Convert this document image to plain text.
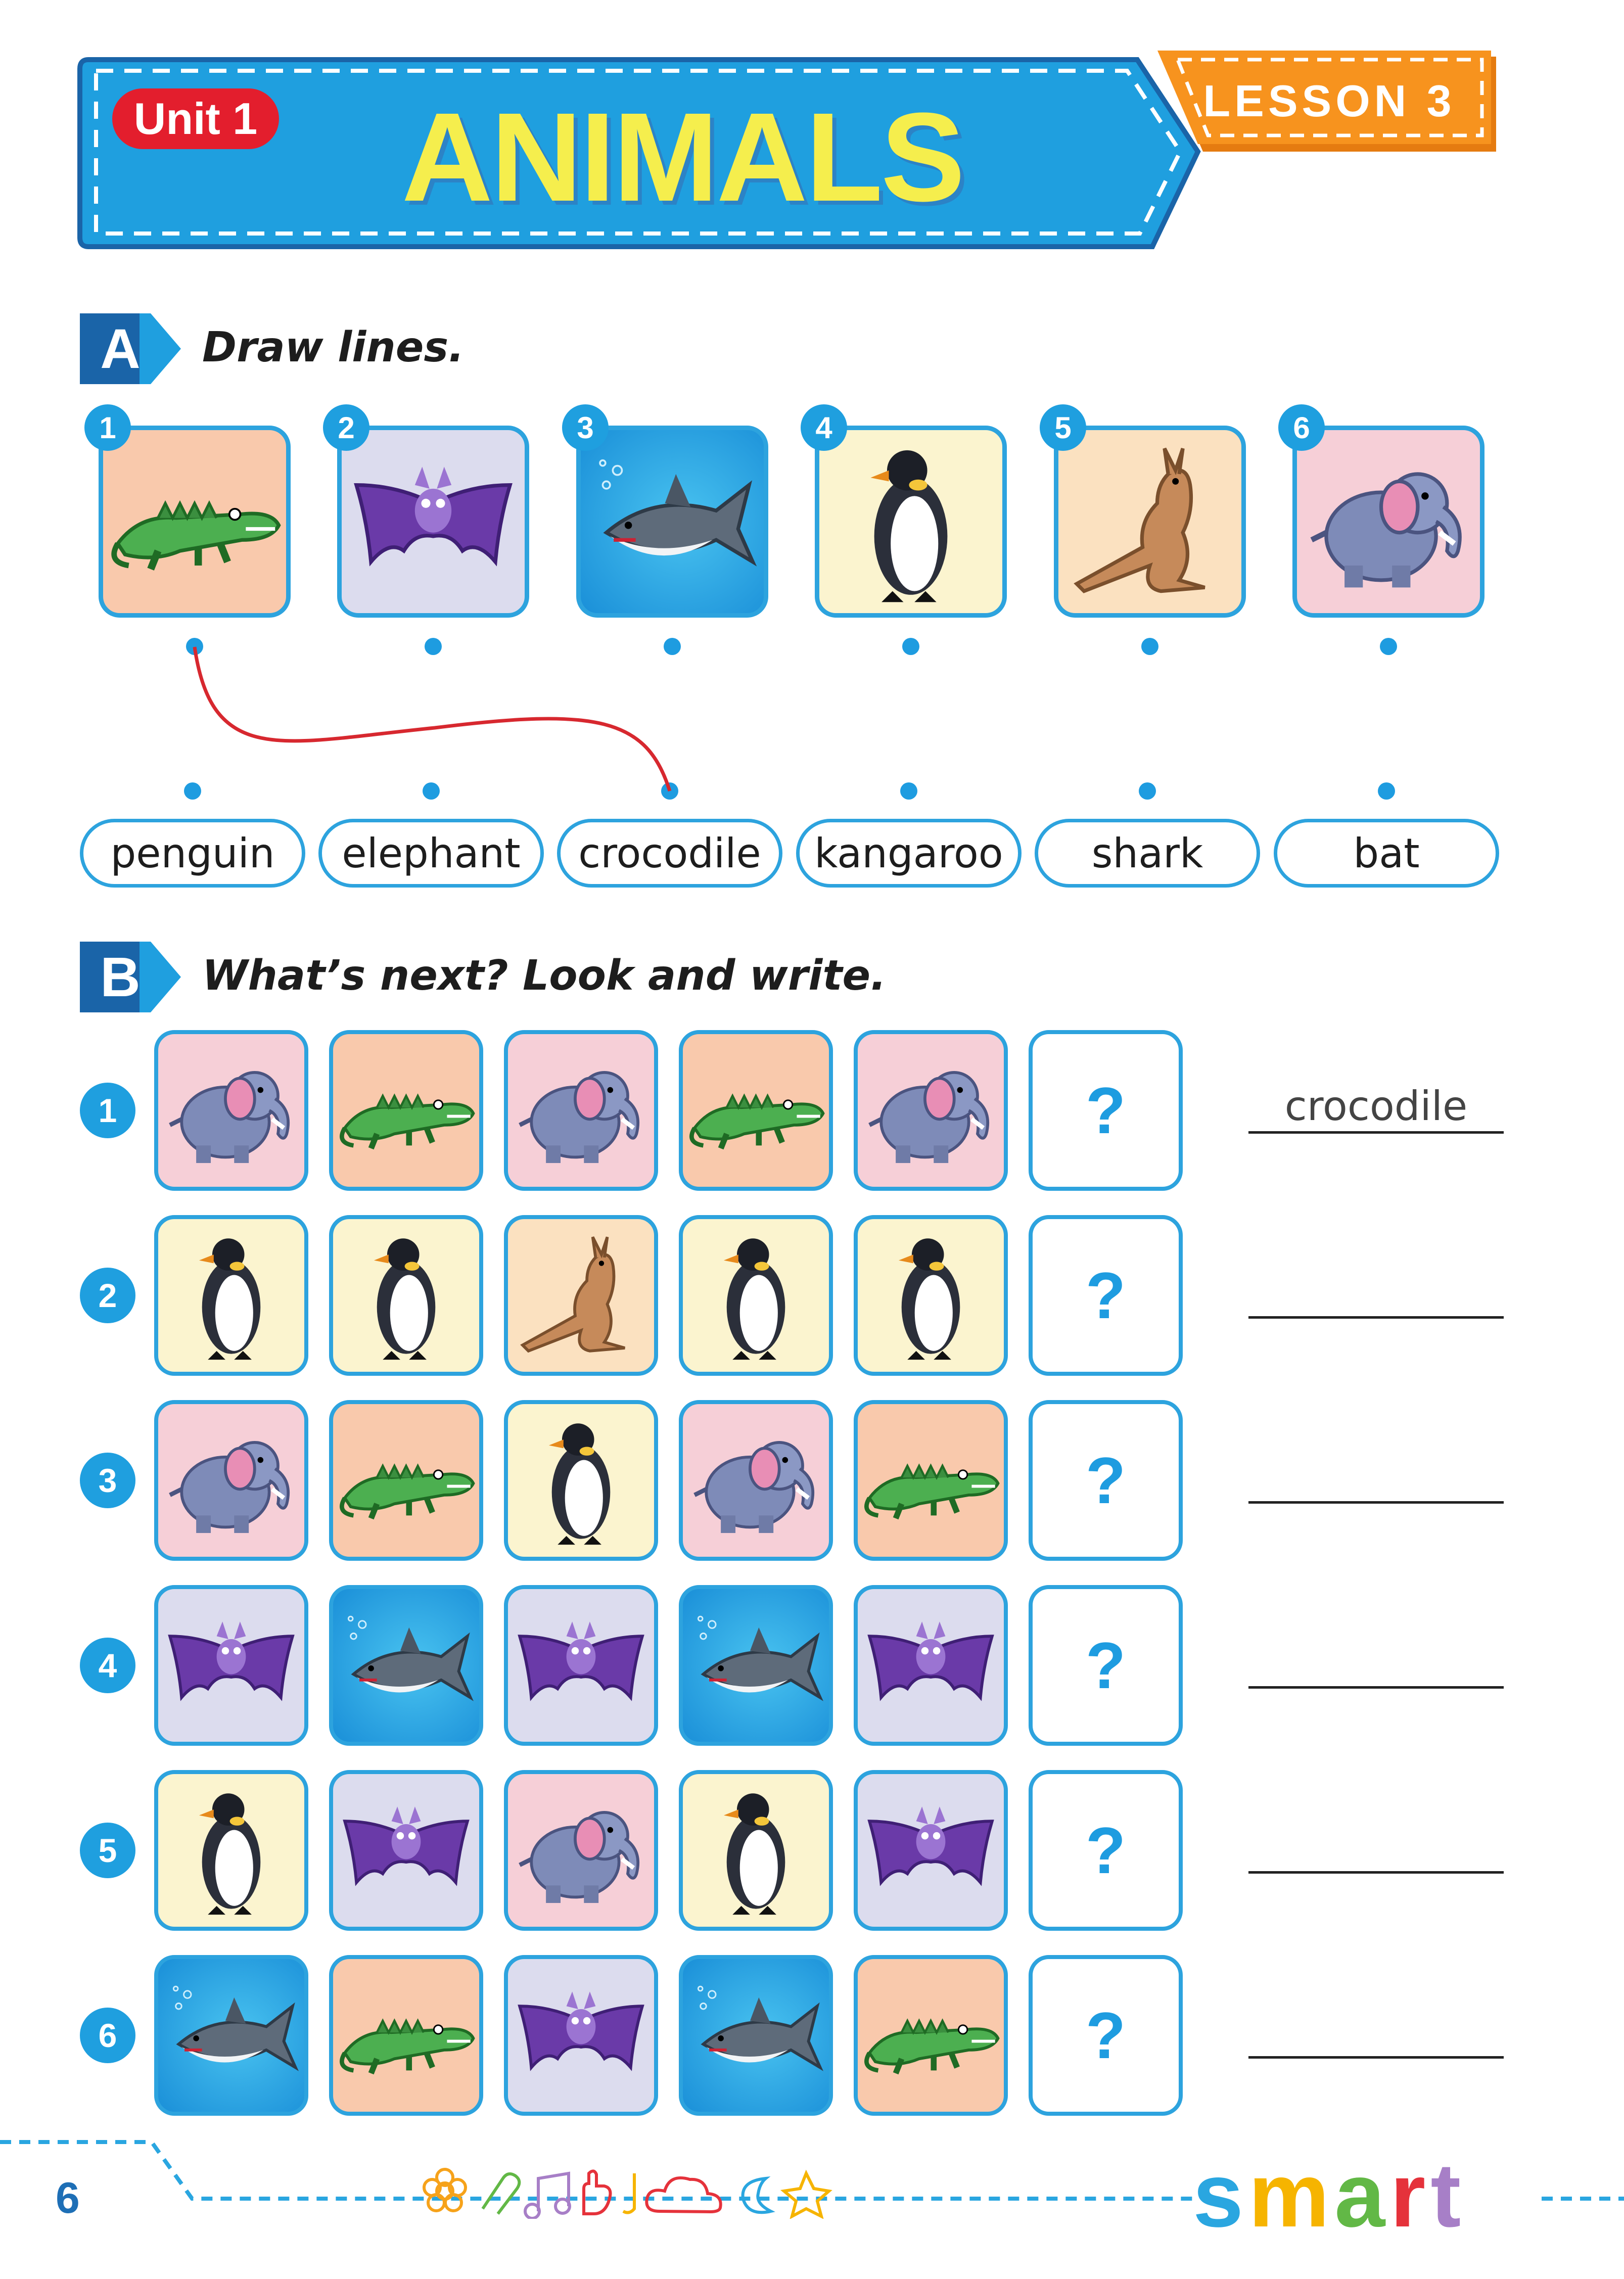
Unit 1 ANIMALS	LESSON 3
A	Draw lines.
1	2	3	4	5	6
penguin	elephant	crocodile	kangaroo	shark	bat
B	What’s next? Look and write.
1	?	crocodile
2	?
3	?
4	?
5	?
6	?
6	s m a r t
